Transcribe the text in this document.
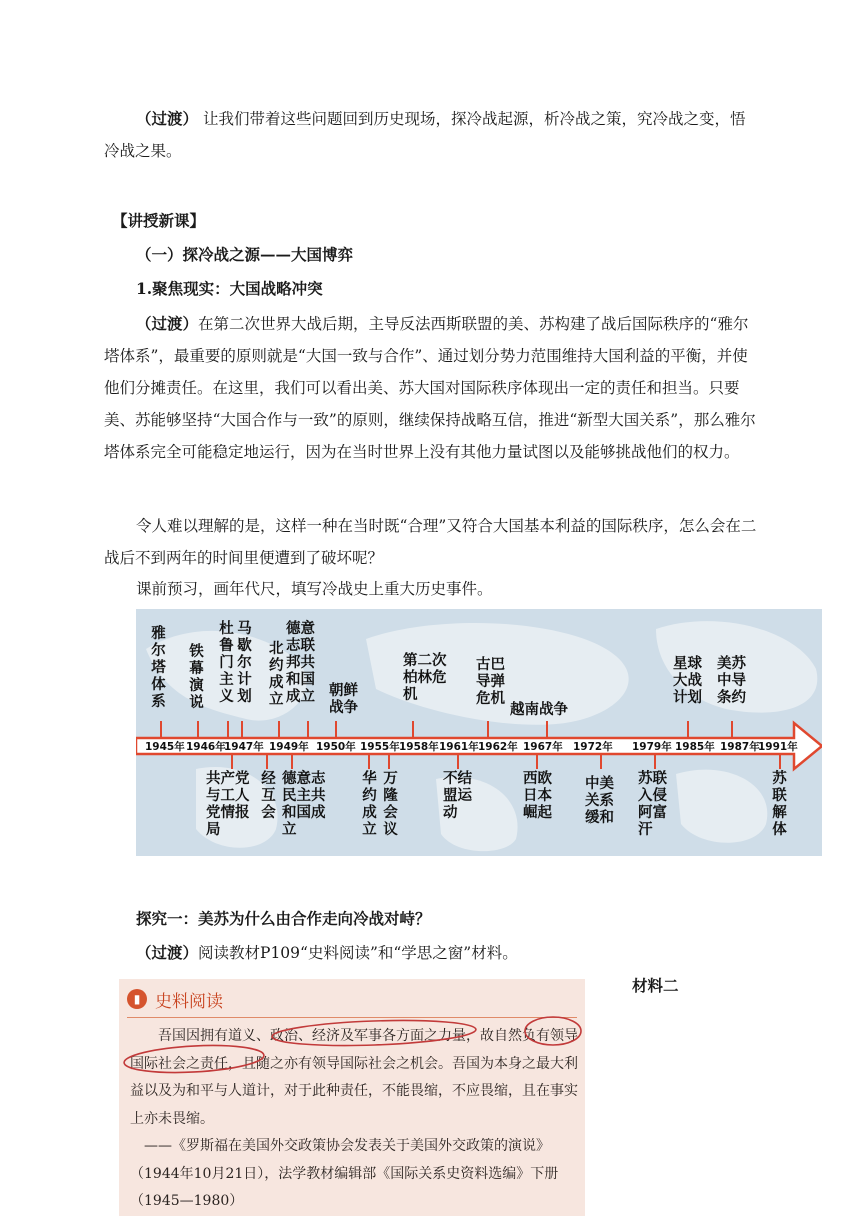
（过渡） 让我们带着这些问题回到历史现场，探冷战起源，析冷战之策，究冷战之变，悟冷战之果。

【讲授新课】

（一）探冷战之源——大国博弈

1.聚焦现实：大国战略冲突

（过渡）在第二次世界大战后期，主导反法西斯联盟的美、苏构建了战后国际秩序的“雅尔塔体系”，最重要的原则就是“大国一致与合作”、通过划分势力范围维持大国利益的平衡，并使他们分摊责任。在这里，我们可以看出美、苏大国对国际秩序体现出一定的责任和担当。只要美、苏能够坚持“大国合作与一致”的原则，继续保持战略互信，推进“新型大国关系”，那么雅尔塔体系完全可能稳定地运行，因为在当时世界上没有其他力量试图以及能够挑战他们的权力。

令人难以理解的是，这样一种在当时既“合理”又符合大国基本利益的国际秩序，怎么会在二战后不到两年的时间里便遭到了破坏呢？

课前预习，画年代尺，填写冷战史上重大历史事件。

1945年 1946年
1947年 1949年 1950年 1955年 1958年 1961年 1962年 1967年 1972年 1979年 1985年 1987年
1991年
雅尔塔体系
铁幕演说
杜鲁门主义
马歇尔计划
北约成立
德意志联邦共和国成立 朝鲜战争
第二次柏林危机
古巴导弹危机
越南战争
星球大战计划
美苏中导条约
共产党与工人党情报局
经互会
德意志民主共和国成立
华约成立
万隆会议
不结盟运动
西欧日本崛起
中美关系缓和
苏联入侵阿富汗
苏联解体

探究一：美苏为什么由合作走向冷战对峙？

（过渡）阅读教材P109“史料阅读”和“学思之窗”材料。

材料二

▮ 史料阅读

吾国因拥有道义、政治、经济及军事各方面之力量，故自然负有领导国际社会之责任，且随之亦有领导国际社会之机会。吾国为本身之最大利益以及为和平与人道计，对于此种责任，不能畏缩，不应畏缩，且在事实上亦未畏缩。

——《罗斯福在美国外交政策协会发表关于美国外交政策的演说》（1944年10月21日），法学教材编辑部《国际关系史资料选编》下册（1945—1980）
